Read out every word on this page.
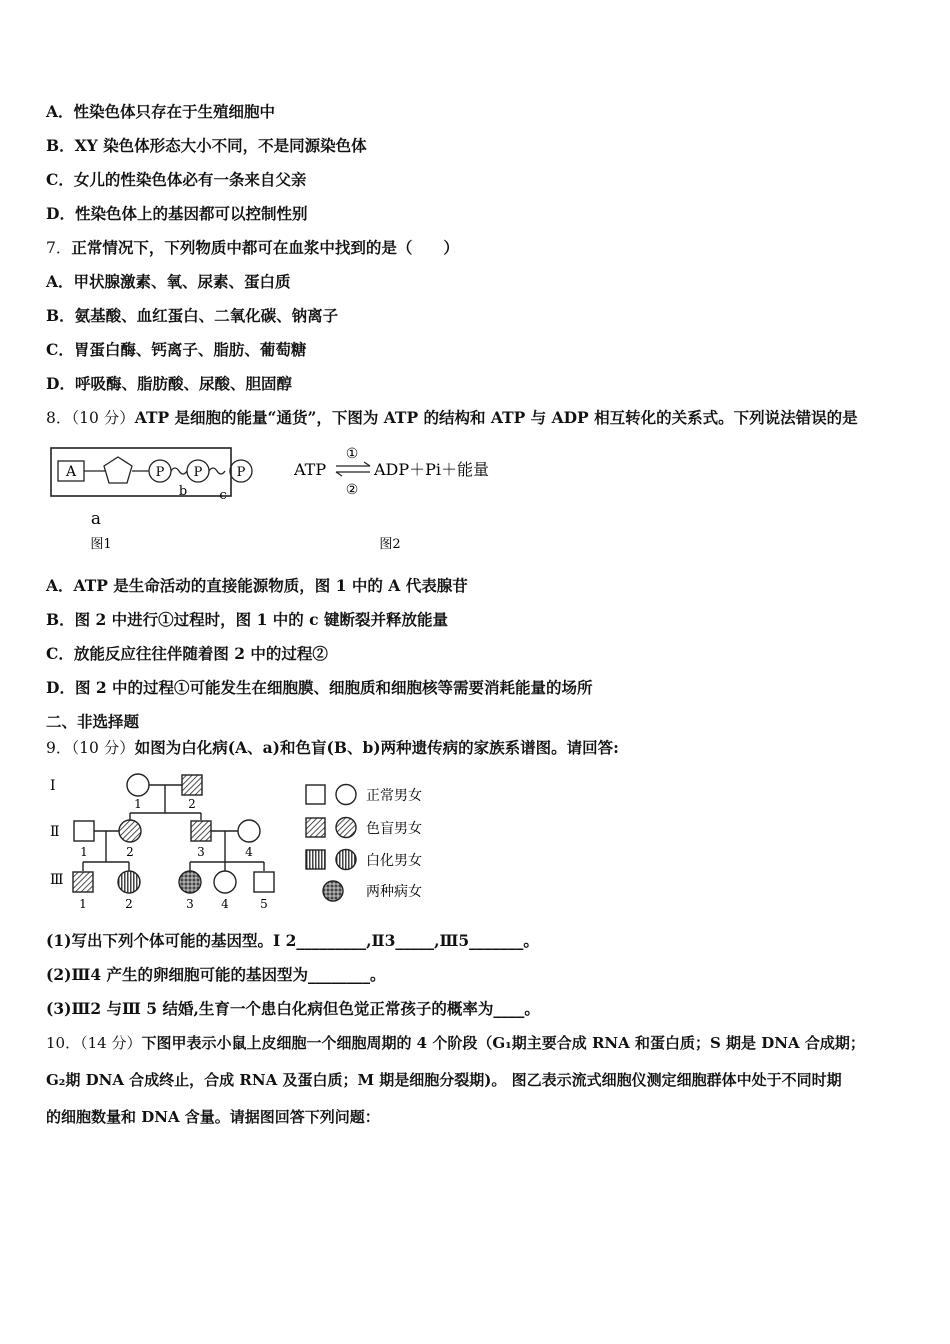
A．性染色体只存在于生殖细胞中
B．XY 染色体形态大小不同，不是同源染色体
C．女儿的性染色体必有一条来自父亲
D．性染色体上的基因都可以控制性别
7．正常情况下，下列物质中都可在血浆中找到的是（　　）
A．甲状腺激素、氧、尿素、蛋白质
B．氨基酸、血红蛋白、二氧化碳、钠离子
C．胃蛋白酶、钙离子、脂肪、葡萄糖
D．呼吸酶、脂肪酸、尿酸、胆固醇
8．（10 分）ATP 是细胞的能量“通货”，下图为 ATP 的结构和 ATP 与 ADP 相互转化的关系式。下列说法错误的是
A	P P	P
b c
a
图1
①
ATP
②
ADP＋Pi＋能量
图2
A．ATP 是生命活动的直接能源物质，图 1 中的 A 代表腺苷
B．图 2 中进行①过程时，图 1 中的 c 键断裂并释放能量
C．放能反应往往伴随着图 2 中的过程②
D．图 2 中的过程①可能发生在细胞膜、细胞质和细胞核等需要消耗能量的场所
二、非选择题
9．（10 分）如图为白化病(A、a)和色盲(B、b)两种遗传病的家族系谱图。请回答:
Ⅰ
Ⅱ
Ⅲ
1	2
1	2	3	4
1	2	3 4	5
正常男女
色盲男女
白化男女
两种病女
(1)写出下列个体可能的基因型。Ⅰ 2_________,Ⅱ3_____,Ⅲ5_______。
(2)Ⅲ4 产生的卵细胞可能的基因型为________。
(3)Ⅲ2 与Ⅲ 5 结婚,生育一个患白化病但色觉正常孩子的概率为____。
10．（14 分）下图甲表示小鼠上皮细胞一个细胞周期的 4 个阶段（G₁期主要合成 RNA 和蛋白质；S 期是 DNA 合成期；
G₂期 DNA 合成终止，合成 RNA 及蛋白质；M 期是细胞分裂期)。 图乙表示流式细胞仪测定细胞群体中处于不同时期
的细胞数量和 DNA 含量。请据图回答下列问题：
